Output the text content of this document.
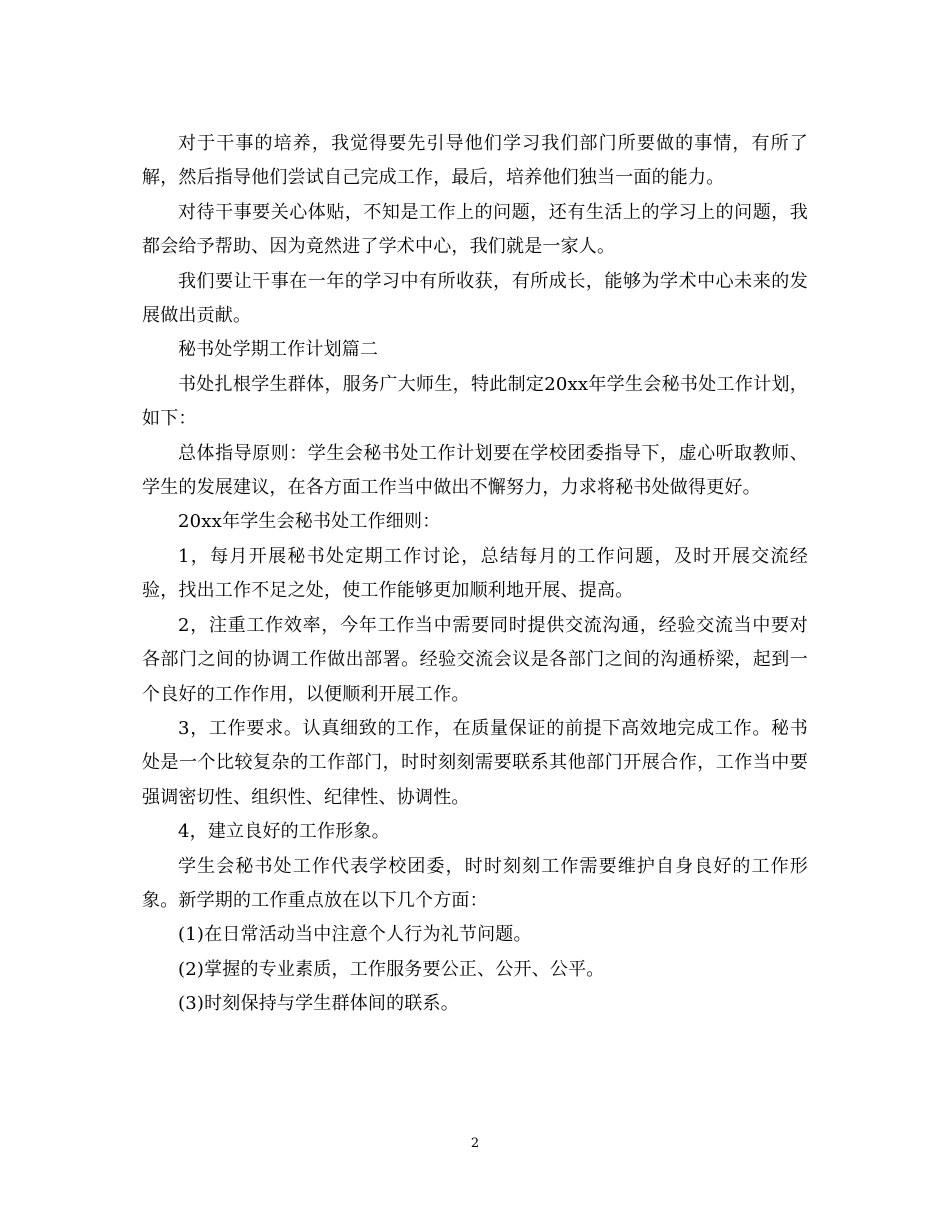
对于干事的培养，我觉得要先引导他们学习我们部门所要做的事情，有所了解，然后指导他们尝试自己完成工作，最后，培养他们独当一面的能力。

对待干事要关心体贴，不知是工作上的问题，还有生活上的学习上的问题，我都会给予帮助、因为竟然进了学术中心，我们就是一家人。

我们要让干事在一年的学习中有所收获，有所成长，能够为学术中心未来的发展做出贡献。

秘书处学期工作计划篇二

书处扎根学生群体，服务广大师生，特此制定20xx年学生会秘书处工作计划，如下：

总体指导原则：学生会秘书处工作计划要在学校团委指导下，虚心听取教师、学生的发展建议，在各方面工作当中做出不懈努力，力求将秘书处做得更好。

20xx年学生会秘书处工作细则：

1，每月开展秘书处定期工作讨论，总结每月的工作问题，及时开展交流经验，找出工作不足之处，使工作能够更加顺利地开展、提高。

2，注重工作效率，今年工作当中需要同时提供交流沟通，经验交流当中要对各部门之间的协调工作做出部署。经验交流会议是各部门之间的沟通桥梁，起到一个良好的工作作用，以便顺利开展工作。

3，工作要求。认真细致的工作，在质量保证的前提下高效地完成工作。秘书处是一个比较复杂的工作部门，时时刻刻需要联系其他部门开展合作，工作当中要强调密切性、组织性、纪律性、协调性。

4，建立良好的工作形象。

学生会秘书处工作代表学校团委，时时刻刻工作需要维护自身良好的工作形象。新学期的工作重点放在以下几个方面：

(1)在日常活动当中注意个人行为礼节问题。

(2)掌握的专业素质，工作服务要公正、公开、公平。

(3)时刻保持与学生群体间的联系。

2
